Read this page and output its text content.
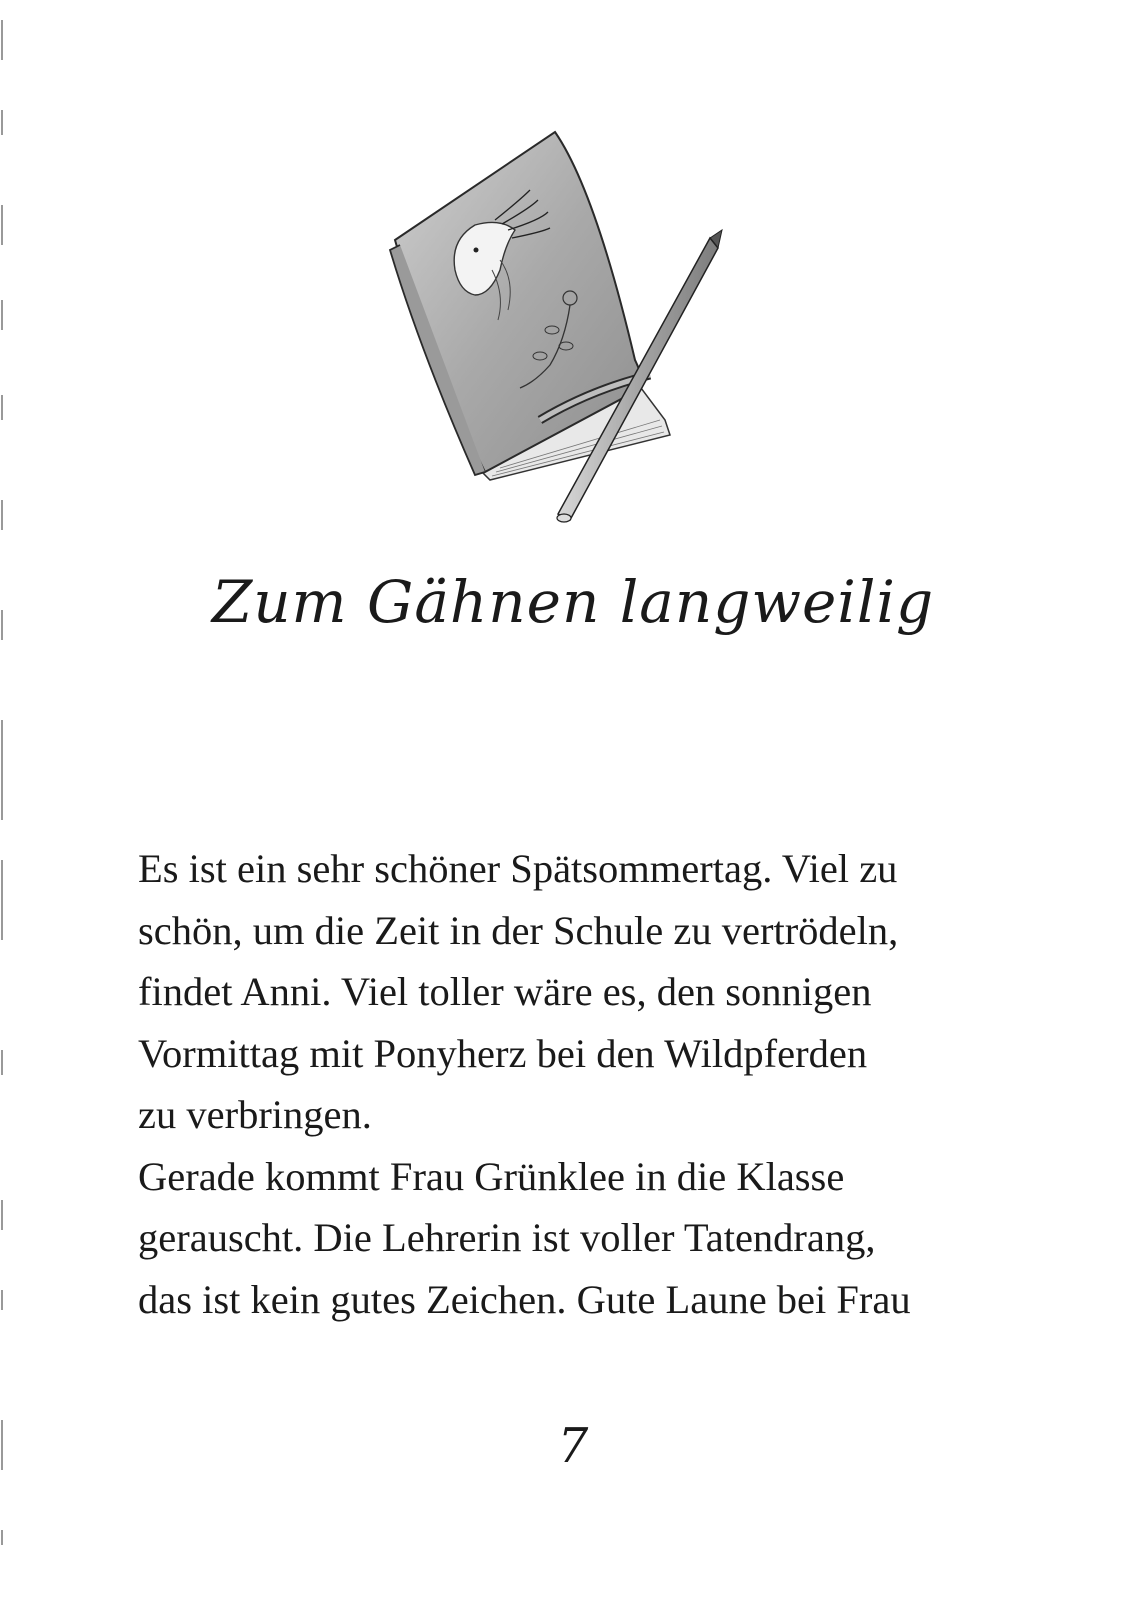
Zum Gähnen langweilig

Es ist ein sehr schöner Spätsommertag. Viel zu
schön, um die Zeit in der Schule zu vertrödeln,
findet Anni. Viel toller wäre es, den sonnigen
Vormittag mit Ponyherz bei den Wildpferden
zu verbringen.
Gerade kommt Frau Grünklee in die Klasse
gerauscht. Die Lehrerin ist voller Tatendrang,
das ist kein gutes Zeichen. Gute Laune bei Frau

7
